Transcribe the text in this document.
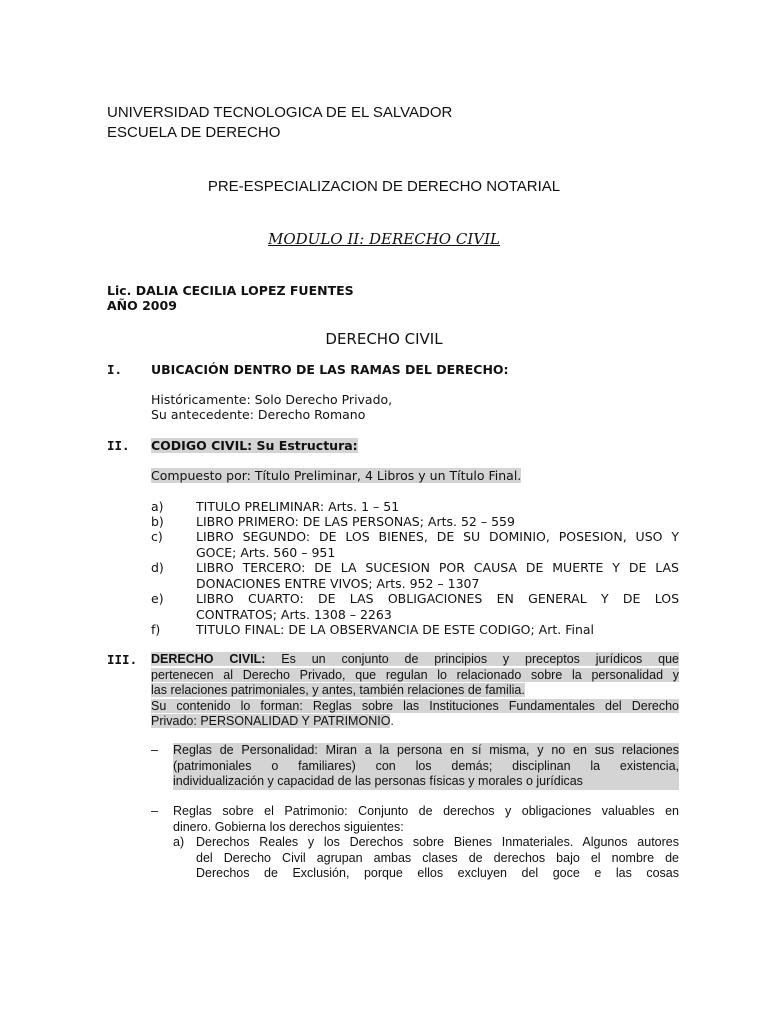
UNIVERSIDAD TECNOLOGICA DE EL SALVADOR
ESCUELA DE DERECHO
PRE-ESPECIALIZACION DE DERECHO NOTARIAL
MODULO II: DERECHO CIVIL
Lic. DALIA CECILIA LOPEZ FUENTES
AÑO 2009
DERECHO CIVIL
I. UBICACIÓN DENTRO DE LAS RAMAS DEL DERECHO:
Históricamente: Solo Derecho Privado,
Su antecedente: Derecho Romano
II. CODIGO CIVIL: Su Estructura:
Compuesto por: Título Preliminar, 4 Libros y un Título Final.
a)	TITULO PRELIMINAR: Arts. 1 – 51
b)	LIBRO PRIMERO: DE LAS PERSONAS; Arts. 52 – 559
c)	LIBRO SEGUNDO: DE LOS BIENES, DE SU DOMINIO, POSESION, USO Y
GOCE; Arts. 560 – 951
d)	LIBRO TERCERO: DE LA SUCESION POR CAUSA DE MUERTE Y DE LAS
DONACIONES ENTRE VIVOS; Arts. 952 – 1307
e)	LIBRO CUARTO: DE LAS OBLIGACIONES EN GENERAL Y DE LOS
CONTRATOS; Arts. 1308 – 2263
f)	TITULO FINAL: DE LA OBSERVANCIA DE ESTE CODIGO; Art. Final
III. DERECHO CIVIL: Es un conjunto de principios y preceptos jurídicos que
pertenecen al Derecho Privado, que regulan lo relacionado sobre la personalidad y
las relaciones patrimoniales, y antes, también relaciones de familia.
Su contenido lo forman: Reglas sobre las Instituciones Fundamentales del Derecho
Privado: PERSONALIDAD Y PATRIMONIO.
– Reglas de Personalidad: Miran a la persona en sí misma, y no en sus relaciones
(patrimoniales o familiares) con los demás; disciplinan la existencia,
individualización y capacidad de las personas físicas y morales o jurídicas
– Reglas sobre el Patrimonio: Conjunto de derechos y obligaciones valuables en
dinero. Gobierna los derechos siguientes:
a) Derechos Reales y los Derechos sobre Bienes Inmateriales. Algunos autores
del Derecho Civil agrupan ambas clases de derechos bajo el nombre de
Derechos de Exclusión, porque ellos excluyen del goce e las cosas
